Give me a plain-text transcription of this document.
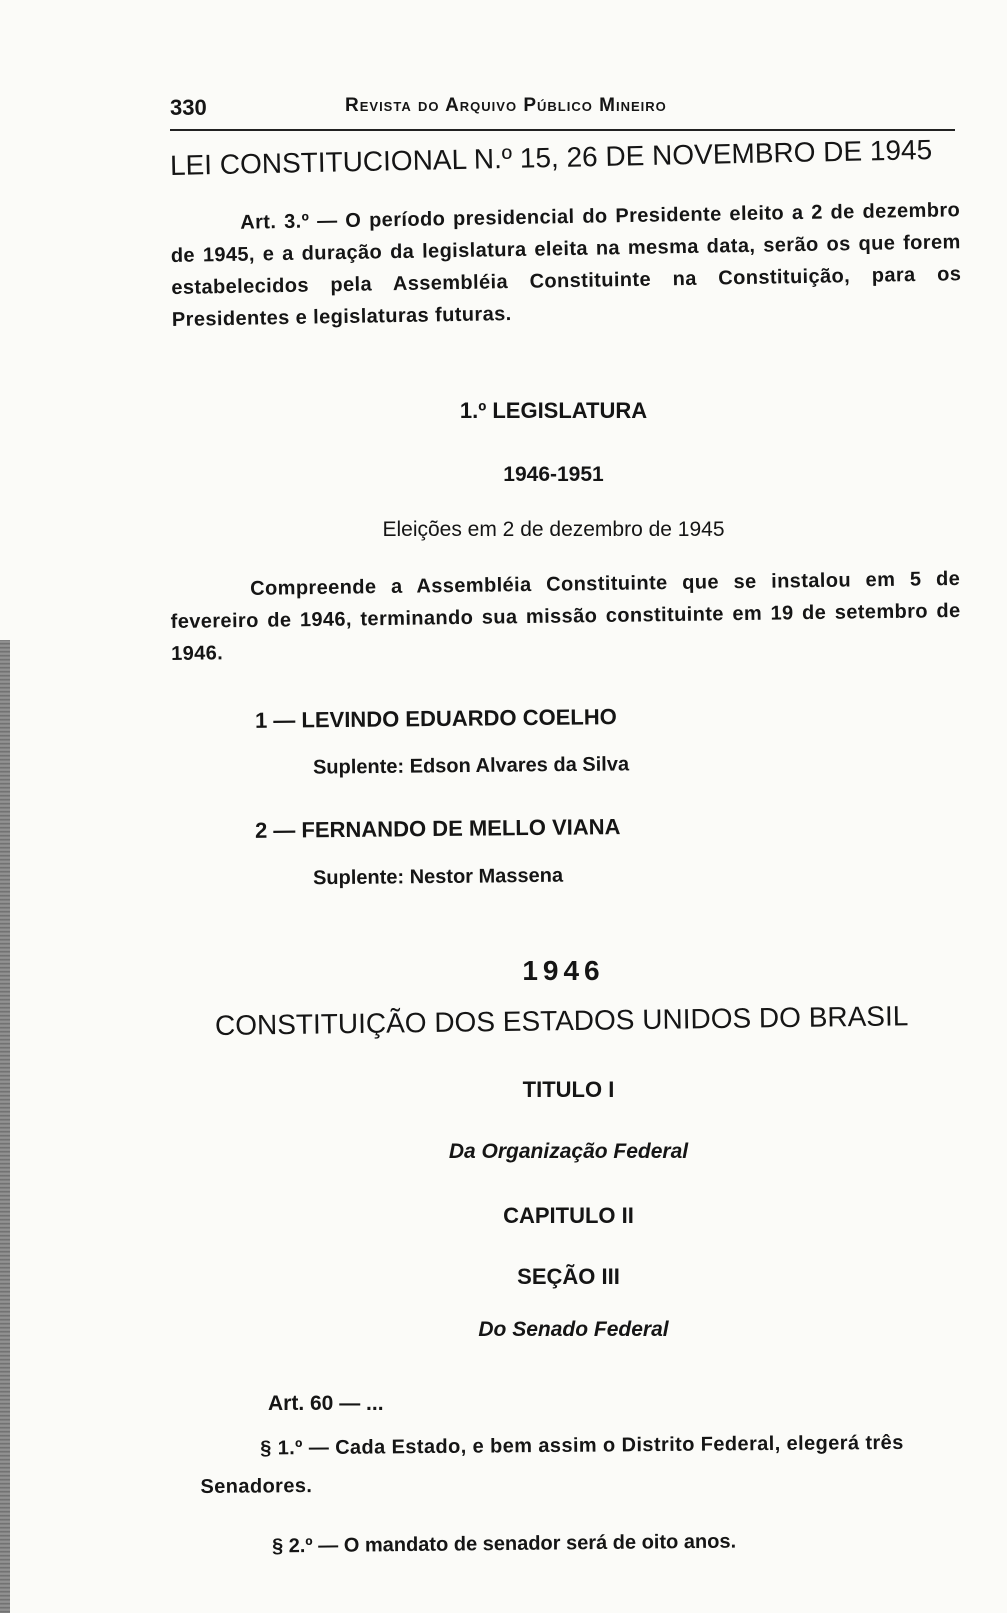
330	Revista do Arquivo Público Mineiro
LEI CONSTITUCIONAL N.º 15, 26 DE NOVEMBRO DE 1945
Art. 3.º — O período presidencial do Presidente eleito a 2 de dezembro de 1945, e a duração da legislatura eleita na mesma data, serão os que forem estabelecidos pela Assembléia Constituinte na Constituição, para os Presidentes e legislaturas futuras.
1.º LEGISLATURA
1946-1951
Eleições em 2 de dezembro de 1945
Compreende a Assembléia Constituinte que se instalou em 5 de fevereiro de 1946, terminando sua missão constituinte em 19 de setembro de 1946.
1 — LEVINDO EDUARDO COELHO
Suplente: Edson Alvares da Silva
2 — FERNANDO DE MELLO VIANA
Suplente: Nestor Massena
1946
CONSTITUIÇÃO DOS ESTADOS UNIDOS DO BRASIL
TITULO I
Da Organização Federal
CAPITULO II
SEÇÃO III
Do Senado Federal
Art. 60 — ...
§ 1.º — Cada Estado, e bem assim o Distrito Federal, elegerá três Senadores.
§ 2.º — O mandato de senador será de oito anos.
